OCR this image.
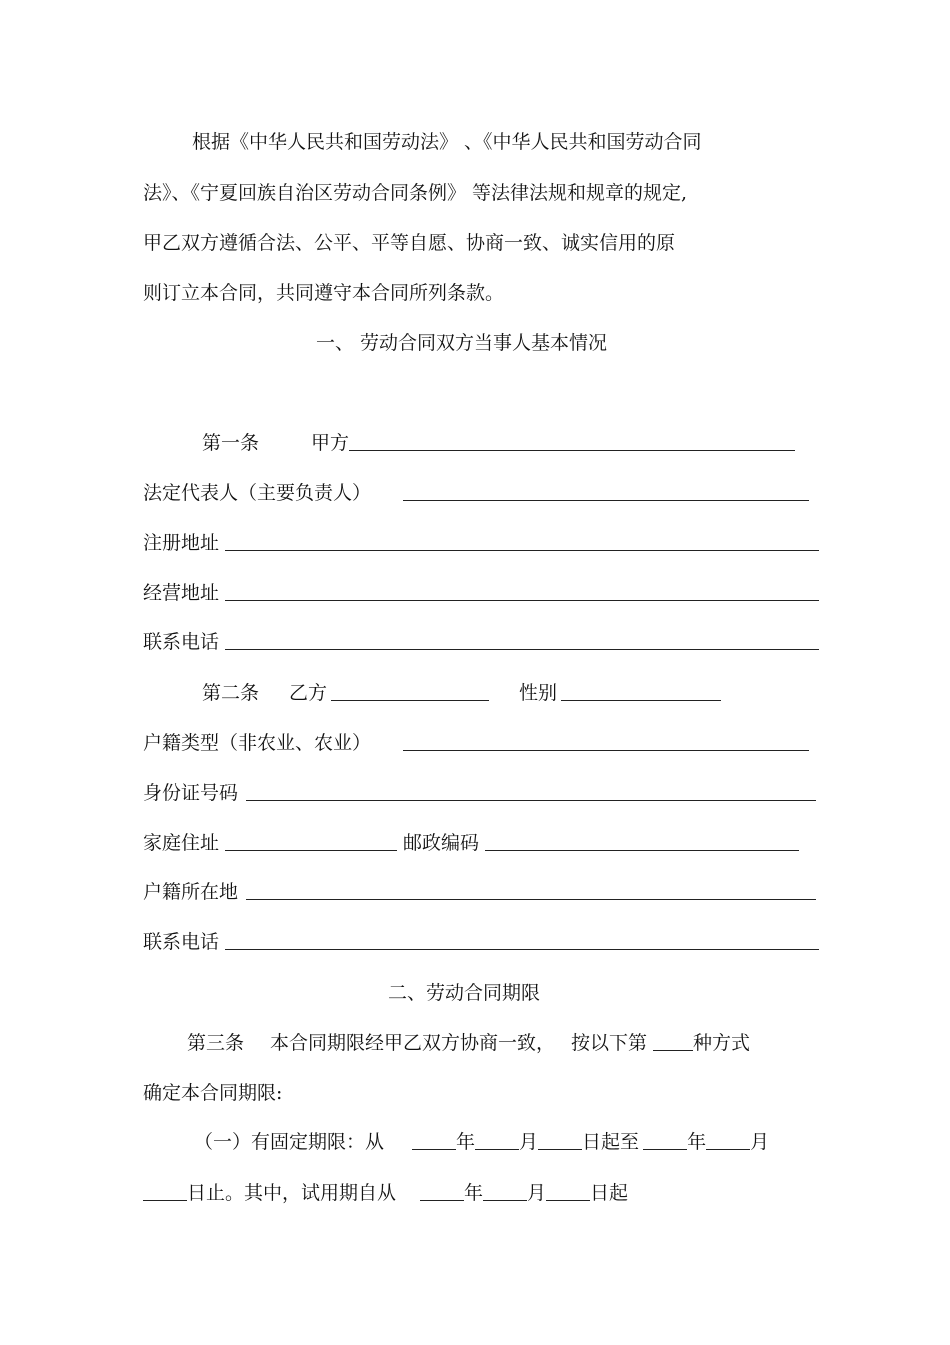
根据《中华人民共和国劳动法》 、《中华人民共和国劳动合同
法》、《宁夏回族自治区劳动合同条例》 等法律法规和规章的规定,
甲乙双方遵循合法、公平、平等自愿、协商一致、诚实信用的原
则订立本合同，共同遵守本合同所列条款。
一、 劳动合同双方当事人基本情况
第一条	甲方
法定代表人（主要负责人）
注册地址
经营地址
联系电话
第二条 乙方	性别
户籍类型（非农业、农业）
身份证号码
家庭住址	邮政编码
户籍所在地
联系电话
二、劳动合同期限
第三条 本合同期限经甲乙双方协商一致， 按以下第 种方式
确定本合同期限:
（一）有固定期限：从	年 月 日起至	年 月
日止。其中，试用期自从	年 月 日起
